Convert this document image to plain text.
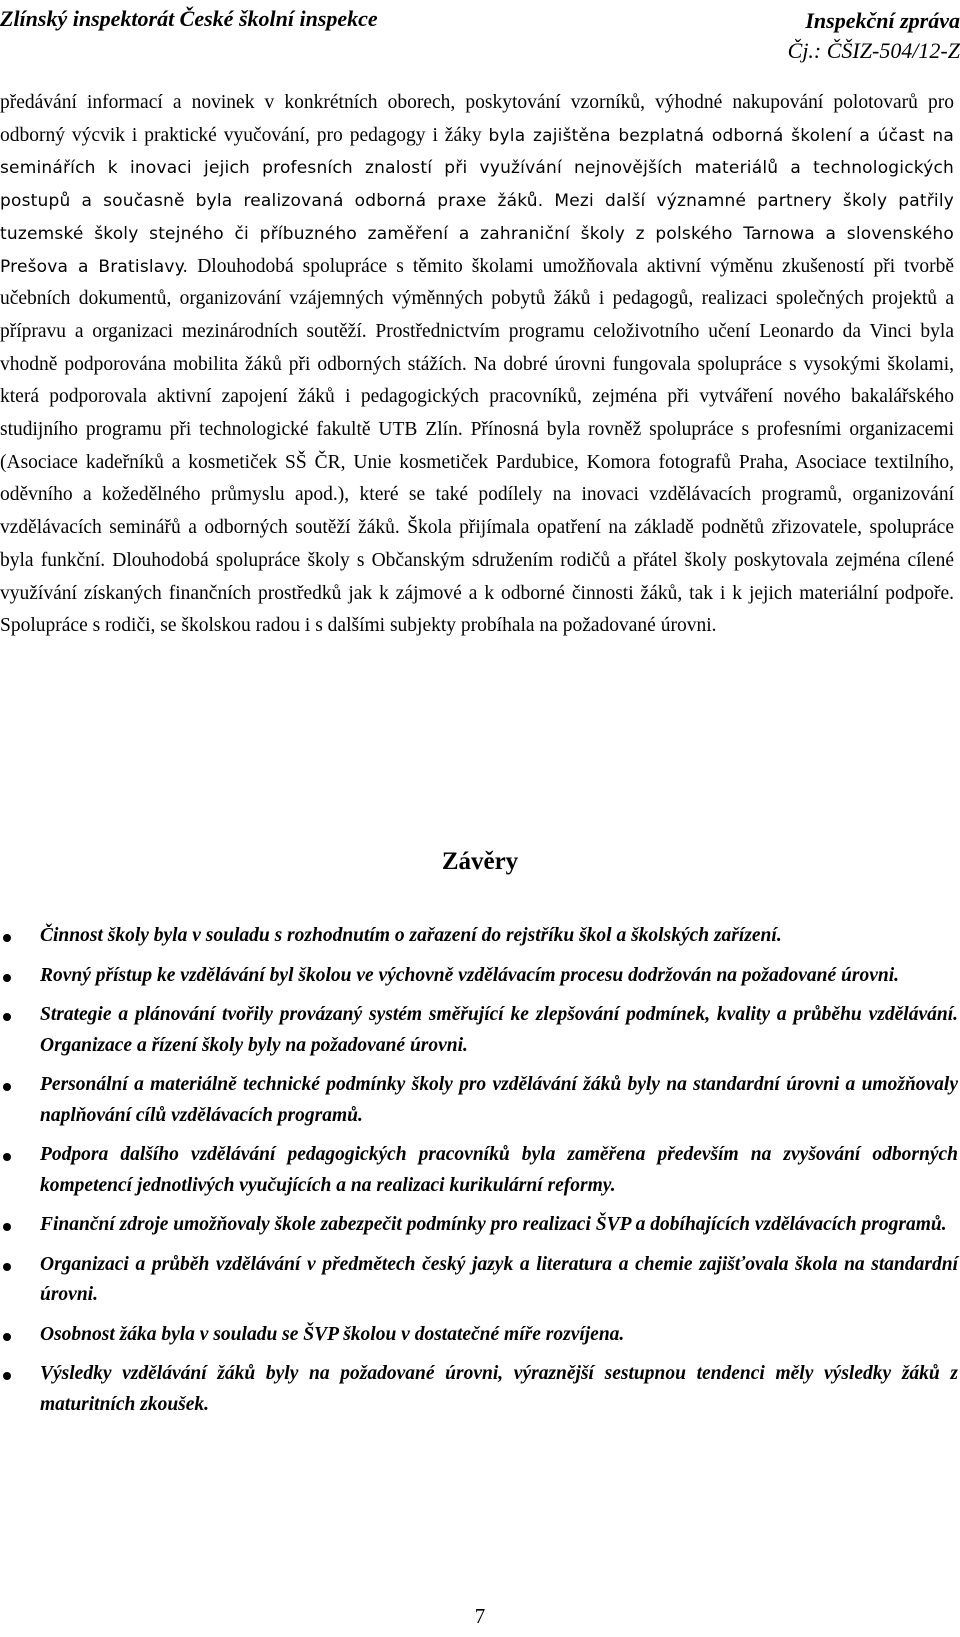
Zlínský inspektorát České školní inspekce	Inspekční zpráva
Čj.: ČŠIZ-504/12-Z

předávání informací a novinek v konkrétních oborech, poskytování vzorníků, výhodné nakupování polotovarů pro odborný výcvik i praktické vyučování, pro pedagogy i žáky byla zajištěna bezplatná odborná školení a účast na seminářích k inovaci jejich profesních znalostí při využívání nejnovějších materiálů a technologických postupů a současně byla realizovaná odborná praxe žáků. Mezi další významné partnery školy patřily tuzemské školy stejného či příbuzného zaměření a zahraniční školy z polského Tarnowa a slovenského Prešova a Bratislavy. Dlouhodobá spolupráce s těmito školami umožňovala aktivní výměnu zkušeností při tvorbě učebních dokumentů, organizování vzájemných výměnných pobytů žáků i pedagogů, realizaci společných projektů a přípravu a organizaci mezinárodních soutěží. Prostřednictvím programu celoživotního učení Leonardo da Vinci byla vhodně podporována mobilita žáků při odborných stážích. Na dobré úrovni fungovala spolupráce s vysokými školami, která podporovala aktivní zapojení žáků i pedagogických pracovníků, zejména při vytváření nového bakalářského studijního programu při technologické fakultě UTB Zlín. Přínosná byla rovněž spolupráce s profesními organizacemi (Asociace kadeřníků a kosmetiček SŠ ČR, Unie kosmetiček Pardubice, Komora fotografů Praha, Asociace textilního, oděvního a kožedělného průmyslu apod.), které se také podílely na inovaci vzdělávacích programů, organizování vzdělávacích seminářů a odborných soutěží žáků. Škola přijímala opatření na základě podnětů zřizovatele, spolupráce byla funkční. Dlouhodobá spolupráce školy s Občanským sdružením rodičů a přátel školy poskytovala zejména cílené využívání získaných finančních prostředků jak k zájmové a k odborné činnosti žáků, tak i k jejich materiální podpoře. Spolupráce s rodiči, se školskou radou i s dalšími subjekty probíhala na požadované úrovni.

Závěry
Činnost školy byla v souladu s rozhodnutím o zařazení do rejstříku škol a školských zařízení.
Rovný přístup ke vzdělávání byl školou ve výchovně vzdělávacím procesu dodržován na požadované úrovni.
Strategie a plánování tvořily provázaný systém směřující ke zlepšování podmínek, kvality a průběhu vzdělávání. Organizace a řízení školy byly na požadované úrovni.
Personální a materiálně technické podmínky školy pro vzdělávání žáků byly na standardní úrovni a umožňovaly naplňování cílů vzdělávacích programů.
Podpora dalšího vzdělávání pedagogických pracovníků byla zaměřena především na zvyšování odborných kompetencí jednotlivých vyučujících a na realizaci kurikulární reformy.
Finanční zdroje umožňovaly škole zabezpečit podmínky pro realizaci ŠVP a dobíhajících vzdělávacích programů.
Organizaci a průběh vzdělávání v předmětech český jazyk a literatura a chemie zajišťovala škola na standardní úrovni.
Osobnost žáka byla v souladu se ŠVP školou v dostatečné míře rozvíjena.
Výsledky vzdělávání žáků byly na požadované úrovni, výraznější sestupnou tendenci měly výsledky žáků z maturitních zkoušek.
7
